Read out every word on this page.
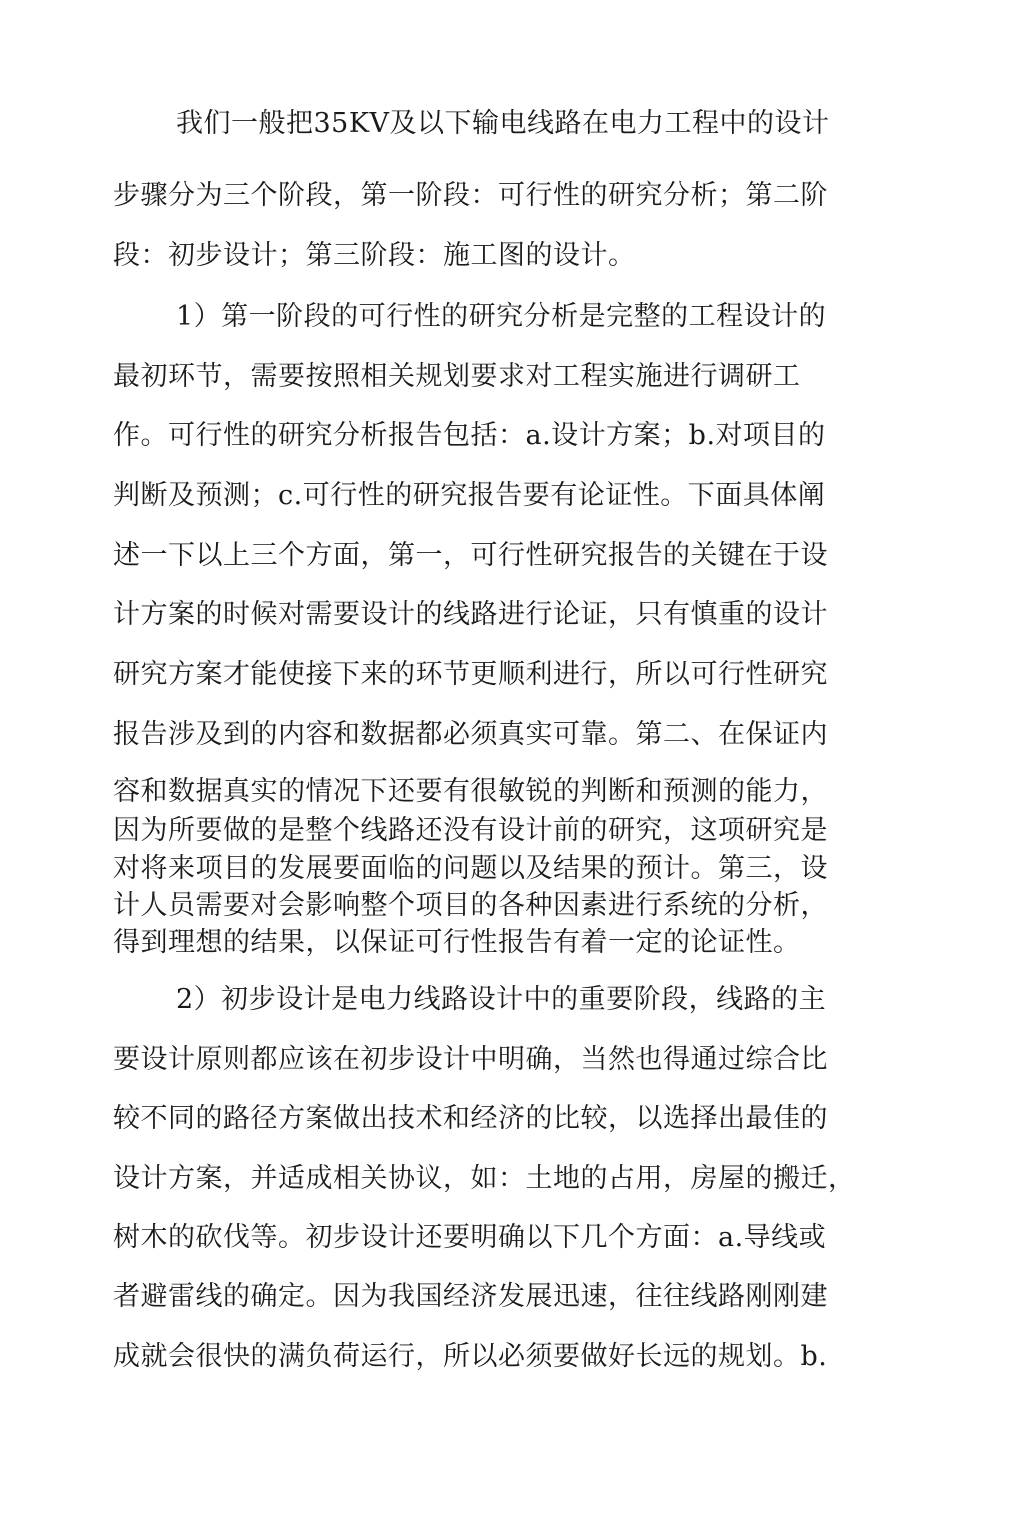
我们一般把35KV及以下输电线路在电力工程中的设计
步骤分为三个阶段，第一阶段：可行性的研究分析；第二阶
段：初步设计；第三阶段：施工图的设计。
1）第一阶段的可行性的研究分析是完整的工程设计的
最初环节，需要按照相关规划要求对工程实施进行调研工
作。可行性的研究分析报告包括：a.设计方案；b.对项目的
判断及预测；c.可行性的研究报告要有论证性。下面具体阐
述一下以上三个方面，第一，可行性研究报告的关键在于设
计方案的时候对需要设计的线路进行论证，只有慎重的设计
研究方案才能使接下来的环节更顺利进行，所以可行性研究
报告涉及到的内容和数据都必须真实可靠。第二、在保证内
容和数据真实的情况下还要有很敏锐的判断和预测的能力，
因为所要做的是整个线路还没有设计前的研究，这项研究是
对将来项目的发展要面临的问题以及结果的预计。第三，设
计人员需要对会影响整个项目的各种因素进行系统的分析，
得到理想的结果，以保证可行性报告有着一定的论证性。
2）初步设计是电力线路设计中的重要阶段，线路的主
要设计原则都应该在初步设计中明确，当然也得通过综合比
较不同的路径方案做出技术和经济的比较，以选择出最佳的
设计方案，并适成相关协议，如：土地的占用，房屋的搬迁，
树木的砍伐等。初步设计还要明确以下几个方面：a.导线或
者避雷线的确定。因为我国经济发展迅速，往往线路刚刚建
成就会很快的满负荷运行，所以必须要做好长远的规划。b.
